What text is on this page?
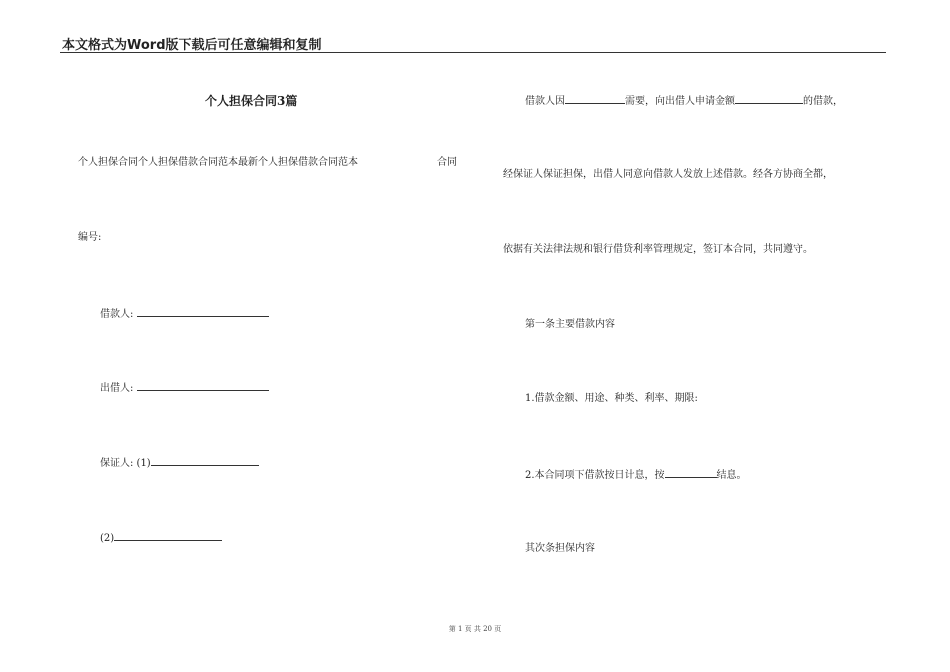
本文格式为Word版下载后可任意编辑和复制
个人担保合同3篇
个人担保合同个人担保借款合同范本最新个人担保借款合同范本	合同
编号:
借款人:
出借人:
保证人: (1)
(2)
借款人因	需要，向出借人申请金额	的借款，
经保证人保证担保，出借人同意向借款人发放上述借款。经各方协商全都，
依据有关法律法规和银行借贷利率管理规定，签订本合同，共同遵守。
第一条主要借款内容
1.借款金额、用途、种类、利率、期限:
2.本合同项下借款按日计息，按	结息。
其次条担保内容
第 1 页 共 20 页
